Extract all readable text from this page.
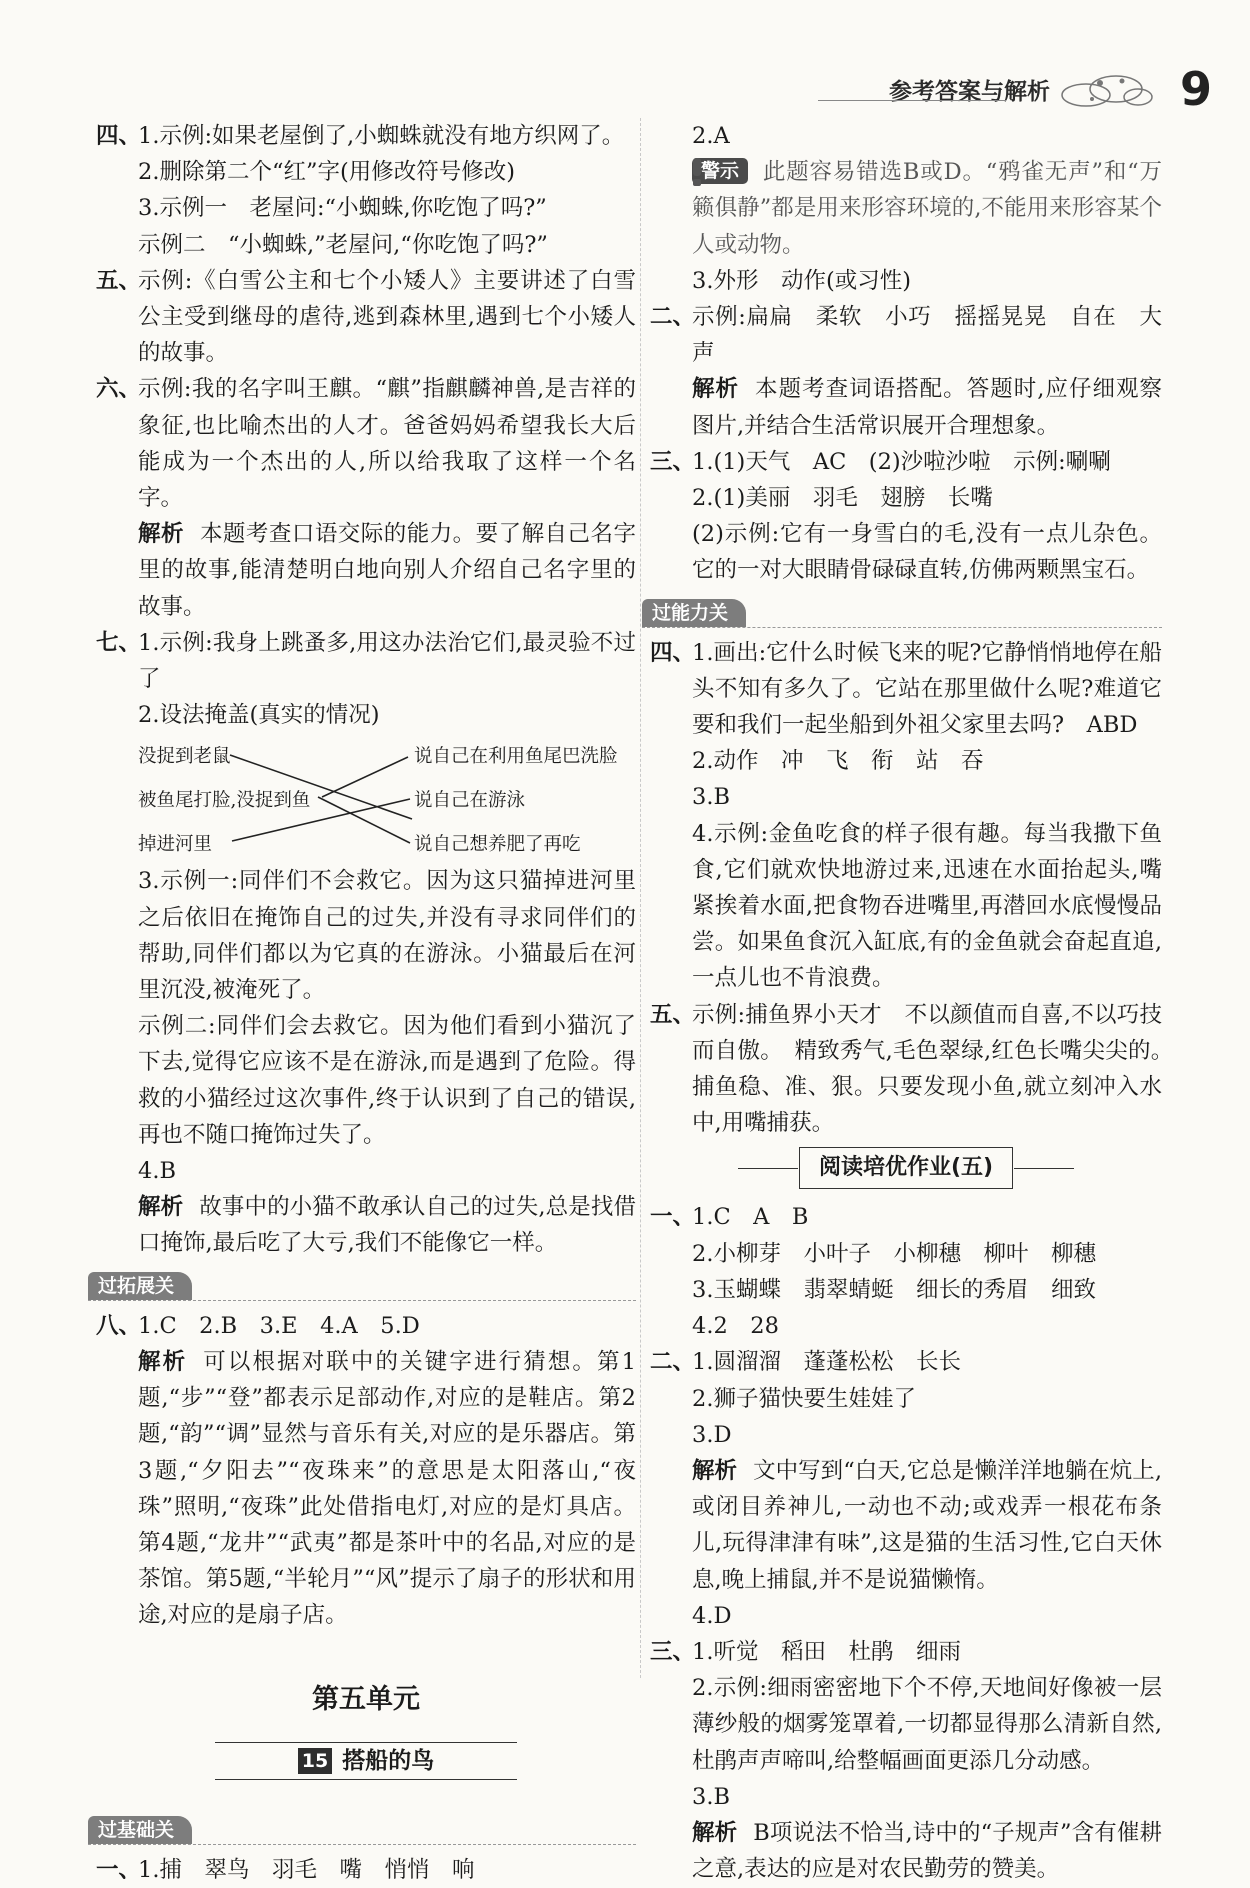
参考答案与解析	9
四、
1.示例:如果老屋倒了,小蜘蛛就没有地方织网了。
2.删除第二个“红”字(用修改符号修改)
3.示例一　老屋问:“小蜘蛛,你吃饱了吗?”
示例二　“小蜘蛛,”老屋问,“你吃饱了吗?”
五、
示例:《白雪公主和七个小矮人》主要讲述了白雪公主受到继母的虐待,逃到森林里,遇到七个小矮人的故事。
六、
示例:我的名字叫王麒。“麒”指麒麟神兽,是吉祥的象征,也比喻杰出的人才。爸爸妈妈希望我长大后能成为一个杰出的人,所以给我取了这样一个名字。
解析 本题考查口语交际的能力。要了解自己名字里的故事,能清楚明白地向别人介绍自己名字里的故事。
七、
1.示例:我身上跳蚤多,用这办法治它们,最灵验不过了
2.设法掩盖(真实的情况)
没捉到老鼠
被鱼尾打脸,没捉到鱼
掉进河里
说自己在利用鱼尾巴洗脸
说自己在游泳
说自己想养肥了再吃
3.示例一:同伴们不会救它。因为这只猫掉进河里之后依旧在掩饰自己的过失,并没有寻求同伴们的帮助,同伴们都以为它真的在游泳。小猫最后在河里沉没,被淹死了。
示例二:同伴们会去救它。因为他们看到小猫沉了下去,觉得它应该不是在游泳,而是遇到了危险。得救的小猫经过这次事件,终于认识到了自己的错误,再也不随口掩饰过失了。
4.B
解析 故事中的小猫不敢承认自己的过失,总是找借口掩饰,最后吃了大亏,我们不能像它一样。
过拓展关
八、
1.C　2.B　3.E　4.A　5.D
解析 可以根据对联中的关键字进行猜想。第1题,“步”“登”都表示足部动作,对应的是鞋店。第2题,“韵”“调”显然与音乐有关,对应的是乐器店。第3题,“夕阳去”“夜珠来”的意思是太阳落山,“夜珠”照明,“夜珠”此处借指电灯,对应的是灯具店。第4题,“龙井”“武夷”都是茶叶中的名品,对应的是茶馆。第5题,“半轮月”“风”提示了扇子的形状和用途,对应的是扇子店。
第五单元
15 搭船的鸟
过基础关
一、
1.捕　翠鸟　羽毛　嘴　悄悄　响
2.A
警示 此题容易错选B或D。“鸦雀无声”和“万籁俱静”都是用来形容环境的,不能用来形容某个人或动物。
3.外形　动作(或习性)
二、
示例:扁扁　柔软　小巧　摇摇晃晃　自在　大声
解析 本题考查词语搭配。答题时,应仔细观察图片,并结合生活常识展开合理想象。
三、
1.(1)天气　AC　(2)沙啦沙啦　示例:唰唰
2.(1)美丽　羽毛　翅膀　长嘴
(2)示例:它有一身雪白的毛,没有一点儿杂色。它的一对大眼睛骨碌碌直转,仿佛两颗黑宝石。
过能力关
四、
1.画出:它什么时候飞来的呢?它静悄悄地停在船头不知有多久了。它站在那里做什么呢?难道它要和我们一起坐船到外祖父家里去吗?　ABD
2.动作　冲　飞　衔　站　吞
3.B
4.示例:金鱼吃食的样子很有趣。每当我撒下鱼食,它们就欢快地游过来,迅速在水面抬起头,嘴紧挨着水面,把食物吞进嘴里,再潜回水底慢慢品尝。如果鱼食沉入缸底,有的金鱼就会奋起直追,一点儿也不肯浪费。
五、
示例:捕鱼界小天才　不以颜值而自喜,不以巧技而自傲。　精致秀气,毛色翠绿,红色长嘴尖尖的。　捕鱼稳、准、狠。只要发现小鱼,就立刻冲入水中,用嘴捕获。
阅读培优作业(五)
一、
1.C　A　B
2.小柳芽　小叶子　小柳穗　柳叶　柳穗
3.玉蝴蝶　翡翠蜻蜓　细长的秀眉　细致
4.2　28
二、
1.圆溜溜　蓬蓬松松　长长
2.狮子猫快要生娃娃了
3.D
解析 文中写到“白天,它总是懒洋洋地躺在炕上,或闭目养神儿,一动也不动;或戏弄一根花布条儿,玩得津津有味”,这是猫的生活习性,它白天休息,晚上捕鼠,并不是说猫懒惰。
4.D
三、
1.听觉　稻田　杜鹃　细雨
2.示例:细雨密密地下个不停,天地间好像被一层薄纱般的烟雾笼罩着,一切都显得那么清新自然,杜鹃声声啼叫,给整幅画面更添几分动感。
3.B
解析 B项说法不恰当,诗中的“子规声”含有催耕之意,表达的应是对农民勤劳的赞美。
